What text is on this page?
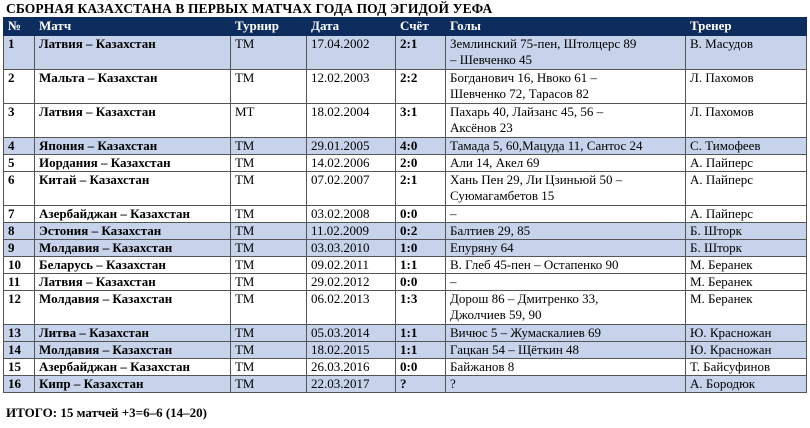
СБОРНАЯ КАЗАХСТАНА В ПЕРВЫХ МАТЧАХ ГОДА ПОД ЭГИДОЙ УЕФА
№	Матч	Турнир	Дата	Счёт	Голы	Тренер
1	Латвия – Казахстан	ТМ	17.04.2002	2:1	Землинский 75-пен, Штолцерс 89
– Шевченко 45	В. Масудов
2	Мальта – Казахстан	ТМ	12.02.2003	2:2	Богданович 16, Нвоко 61 –
Шевченко 72, Тарасов 82	Л. Пахомов
3	Латвия – Казахстан	МТ	18.02.2004	3:1	Пахарь 40, Лайзанс 45, 56 –
Аксёнов 23	Л. Пахомов
4	Япония – Казахстан	ТМ	29.01.2005	4:0	Тамада 5, 60,Мацуда 11, Сантос 24	С. Тимофеев
5	Иордания – Казахстан	ТМ	14.02.2006	2:0	Али 14, Акел 69	А. Пайперс
6	Китай – Казахстан	ТМ	07.02.2007	2:1	Хань Пен 29, Ли Цзиньюй 50 –
Суюмагамбетов 15	А. Пайперс
7	Азербайджан – Казахстан	ТМ	03.02.2008	0:0	–	А. Пайперс
8	Эстония – Казахстан	ТМ	11.02.2009	0:2	Балтиев 29, 85	Б. Шторк
9	Молдавия – Казахстан	ТМ	03.03.2010	1:0	Епуряну 64	Б. Шторк
10	Беларусь – Казахстан	ТМ	09.02.2011	1:1	В. Глеб 45-пен – Остапенко 90	М. Беранек
11	Латвия – Казахстан	ТМ	29.02.2012	0:0	–	М. Беранек
12	Молдавия – Казахстан	ТМ	06.02.2013	1:3	Дорош 86 – Дмитренко 33,
Джолчиев 59, 90	М. Беранек
13	Литва – Казахстан	ТМ	05.03.2014	1:1	Вичюс 5 – Жумаскалиев 69	Ю. Красножан
14	Молдавия – Казахстан	ТМ	18.02.2015	1:1	Гацкан 54 – Щёткин 48	Ю. Красножан
15	Азербайджан – Казахстан	ТМ	26.03.2016	0:0	Байжанов 8	Т. Байсуфинов
16	Кипр – Казахстан	ТМ	22.03.2017	?	?	А. Бородюк
ИТОГО: 15 матчей +3=6–6 (14–20)
